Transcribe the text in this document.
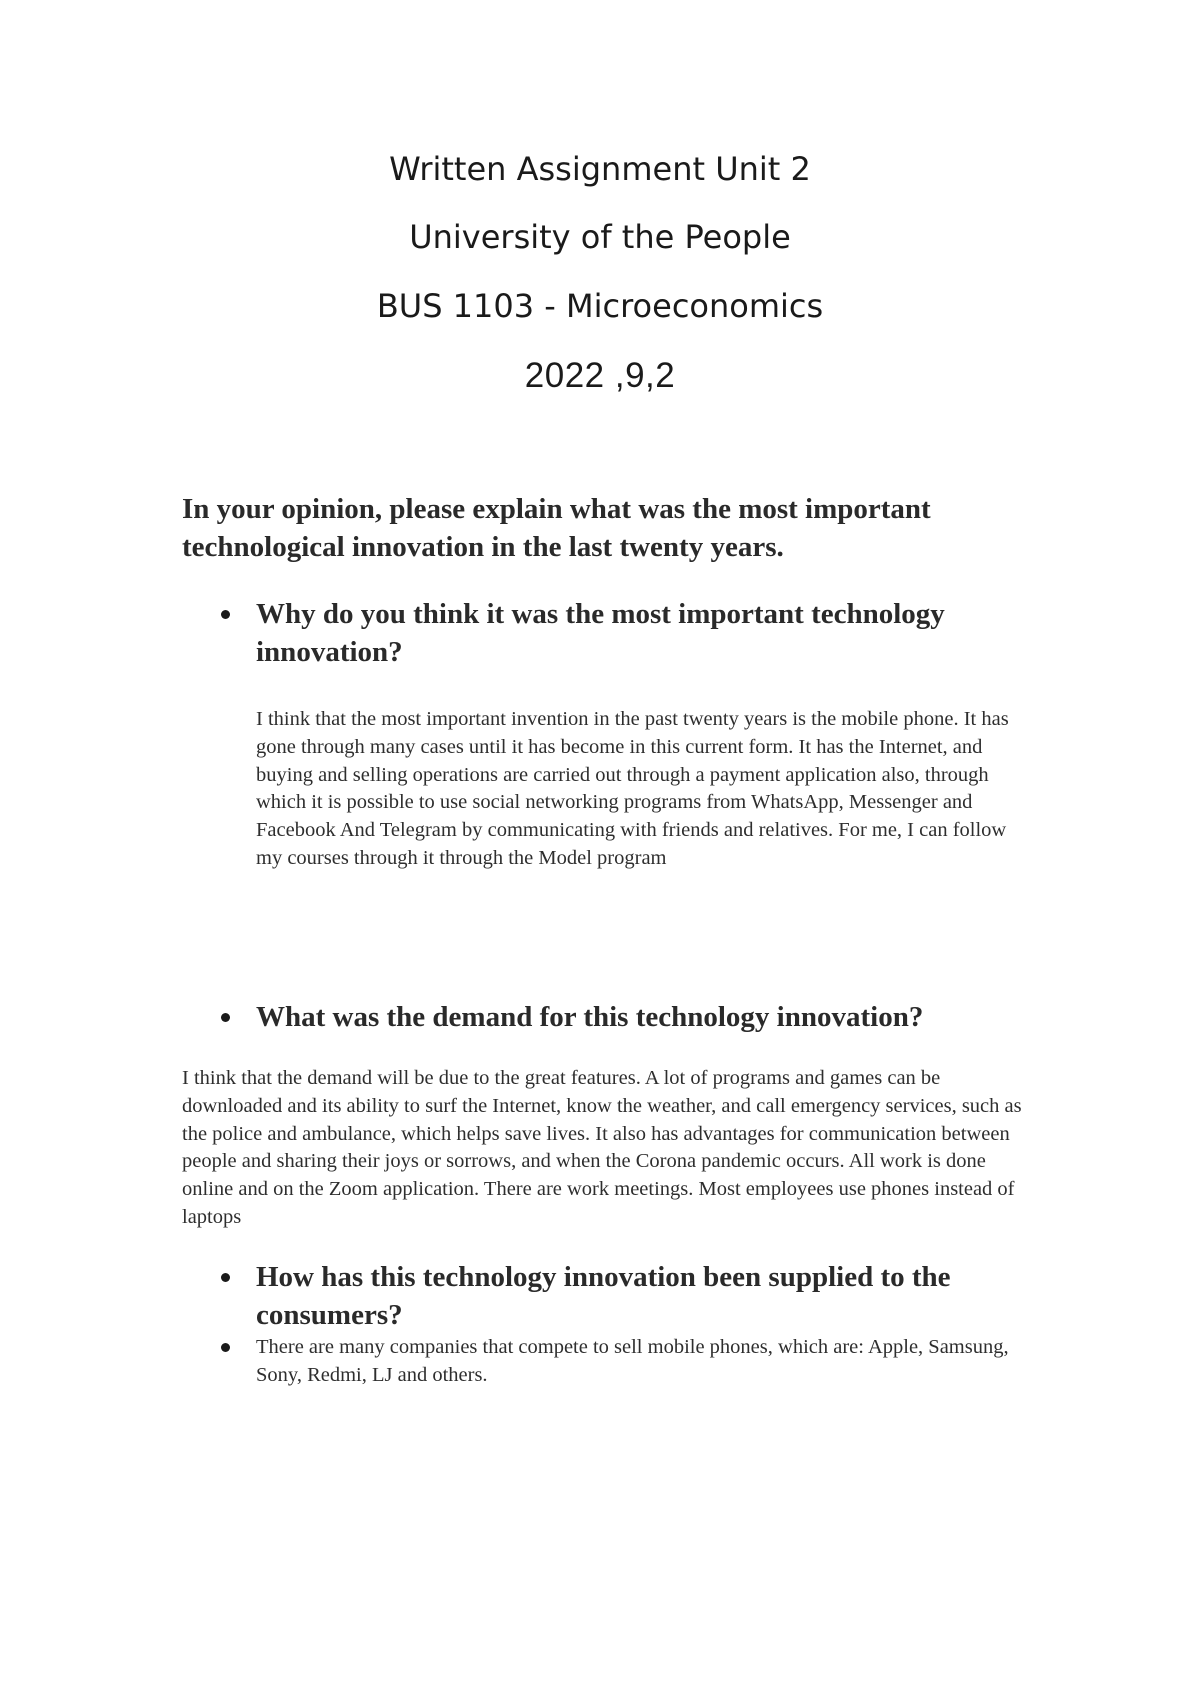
Written Assignment Unit 2
University of the People
BUS 1103 - Microeconomics
2022 ,9,2
In your opinion, please explain what was the most important technological innovation in the last twenty years.
Why do you think it was the most important technology innovation?
I think that the most important invention in the past twenty years is the mobile phone. It has gone through many cases until it has become in this current form. It has the Internet, and buying and selling operations are carried out through a payment application also, through which it is possible to use social networking programs from WhatsApp, Messenger and Facebook And Telegram by communicating with friends and relatives. For me, I can follow my courses through it through the Model program
What was the demand for this technology innovation?
I think that the demand will be due to the great features. A lot of programs and games can be downloaded and its ability to surf the Internet, know the weather, and call emergency services, such as the police and ambulance, which helps save lives. It also has advantages for communication between people and sharing their joys or sorrows, and when the Corona pandemic occurs. All work is done online and on the Zoom application. There are work meetings. Most employees use phones instead of laptops
How has this technology innovation been supplied to the consumers?
There are many companies that compete to sell mobile phones, which are: Apple, Samsung, Sony, Redmi, LJ and others.
